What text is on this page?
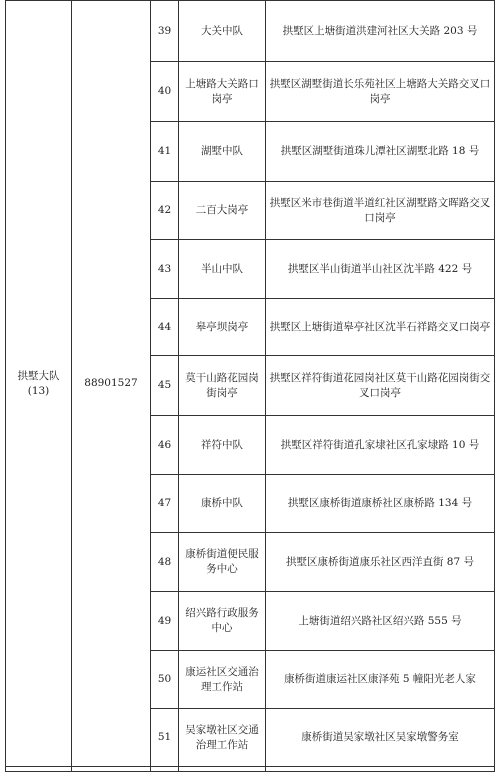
拱墅大队
(13)	88901527	39	大关中队	拱墅区上塘街道洪建河社区大关路 203 号
		40	上塘路大关路口岗亭	拱墅区湖墅街道长乐苑社区上塘路大关路交叉口岗亭
		41	湖墅中队	拱墅区湖墅街道珠儿潭社区湖墅北路 18 号
		42	二百大岗亭	拱墅区米市巷街道半道红社区湖墅路文晖路交叉口岗亭
		43	半山中队	拱墅区半山街道半山社区沈半路 422 号
		44	皋亭坝岗亭	拱墅区上塘街道皋亭社区沈半石祥路交叉口岗亭
		45	莫干山路花园岗街岗亭	拱墅区祥符街道花园岗社区莫干山路花园岗街交叉口岗亭
		46	祥符中队	拱墅区祥符街道孔家埭社区孔家埭路 10 号
		47	康桥中队	拱墅区康桥街道康桥社区康桥路 134 号
		48	康桥街道便民服务中心	拱墅区康桥街道康乐社区西洋直街 87 号
		49	绍兴路行政服务中心	上塘街道绍兴路社区绍兴路 555 号
		50	康运社区交通治理工作站	康桥街道康运社区康泽苑 5 幢阳光老人家
		51	吴家墩社区交通治理工作站	康桥街道吴家墩社区吴家墩警务室
